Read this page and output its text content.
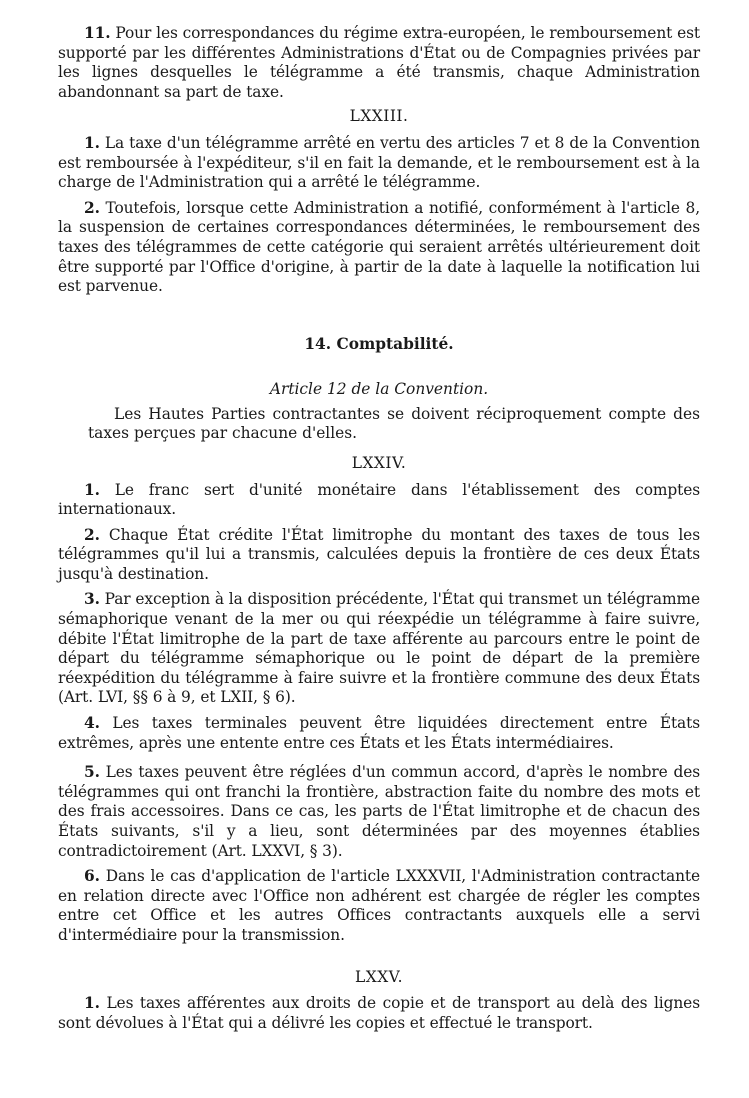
11. Pour les correspondances du régime extra-européen, le remboursement est supporté par les différentes Administrations d'État ou de Compagnies privées par les lignes desquelles le télégramme a été transmis, chaque Administration abandonnant sa part de taxe.

LXXIII.

1. La taxe d'un télégramme arrêté en vertu des articles 7 et 8 de la Convention est remboursée à l'expéditeur, s'il en fait la demande, et le remboursement est à la charge de l'Administration qui a arrêté le télégramme.

2. Toutefois, lorsque cette Administration a notifié, conformément à l'article 8, la suspension de certaines correspondances déterminées, le remboursement des taxes des télégrammes de cette catégorie qui seraient arrêtés ultérieurement doit être supporté par l'Office d'origine, à partir de la date à laquelle la notification lui est parvenue.

14. Comptabilité.

Article 12 de la Convention.

Les Hautes Parties contractantes se doivent réciproquement compte des taxes perçues par chacune d'elles.

LXXIV.

1. Le franc sert d'unité monétaire dans l'établissement des comptes internationaux.

2. Chaque État crédite l'État limitrophe du montant des taxes de tous les télégrammes qu'il lui a transmis, calculées depuis la frontière de ces deux États jusqu'à destination.

3. Par exception à la disposition précédente, l'État qui transmet un télégramme sémaphorique venant de la mer ou qui réexpédie un télégramme à faire suivre, débite l'État limitrophe de la part de taxe afférente au parcours entre le point de départ du télégramme sémaphorique ou le point de départ de la première réexpédition du télégramme à faire suivre et la frontière commune des deux États (Art. LVI, §§ 6 à 9, et LXII, § 6).

4. Les taxes terminales peuvent être liquidées directement entre États extrêmes, après une entente entre ces États et les États intermédiaires.

5. Les taxes peuvent être réglées d'un commun accord, d'après le nombre des télégrammes qui ont franchi la frontière, abstraction faite du nombre des mots et des frais accessoires. Dans ce cas, les parts de l'État limitrophe et de chacun des États suivants, s'il y a lieu, sont déterminées par des moyennes établies contradictoirement (Art. LXXVI, § 3).

6. Dans le cas d'application de l'article LXXXVII, l'Administration contractante en relation directe avec l'Office non adhérent est chargée de régler les comptes entre cet Office et les autres Offices contractants auxquels elle a servi d'intermédiaire pour la transmission.

LXXV.

1. Les taxes afférentes aux droits de copie et de transport au delà des lignes sont dévolues à l'État qui a délivré les copies et effectué le transport.
